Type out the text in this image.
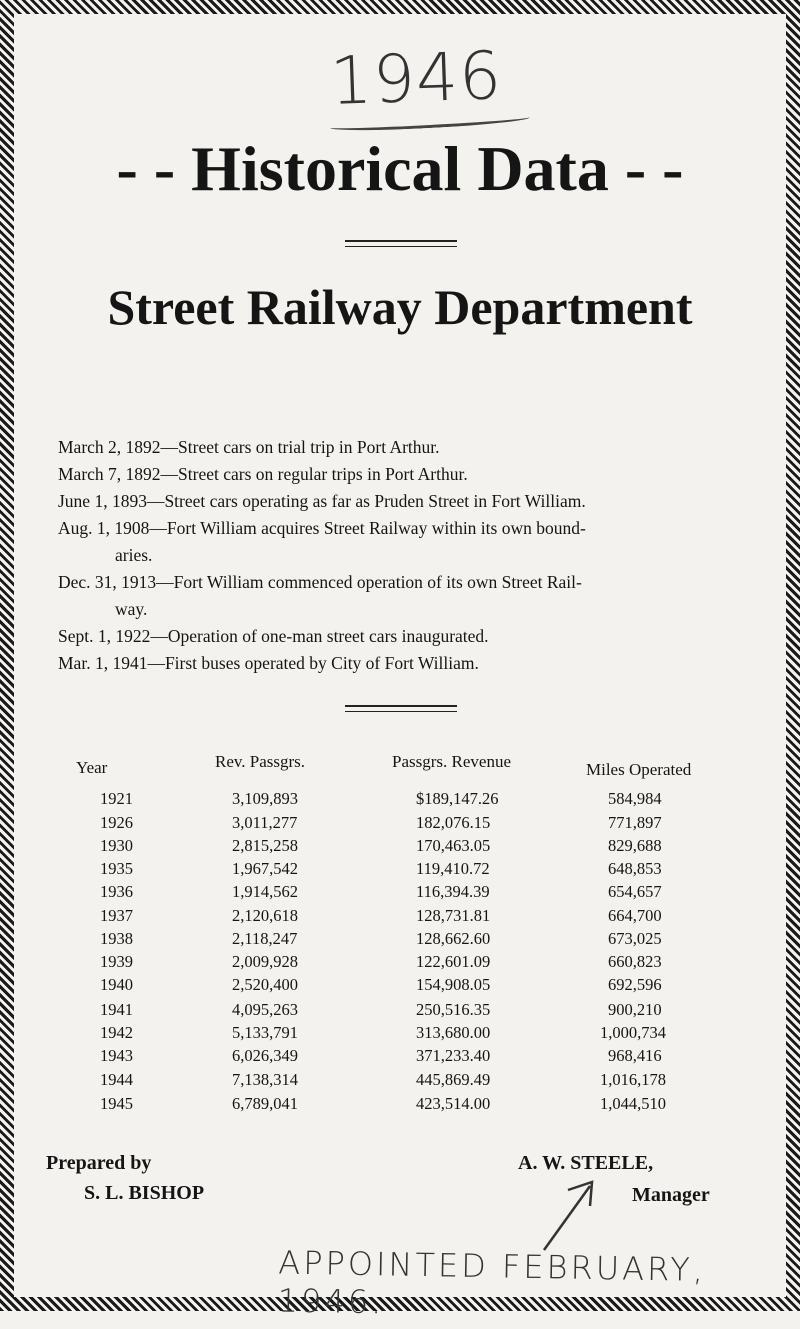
1946
- - Historical Data - -
Street Railway Department

March 2, 1892—Street cars on trial trip in Port Arthur.

March 7, 1892—Street cars on regular trips in Port Arthur.

June 1, 1893—Street cars operating as far as Pruden Street in Fort William.

Aug. 1, 1908—Fort William acquires Street Railway within its own bound-
aries.

Dec. 31, 1913—Fort William commenced operation of its own Street Rail-
way.

Sept. 1, 1922—Operation of one-man street cars inaugurated.

Mar. 1, 1941—First buses operated by City of Fort William.

Year	Rev. Passgrs.	Passgrs. Revenue	Miles Operated
1921	3,109,893	$189,147.26	584,984
1926	3,011,277	182,076.15	771,897
1930	2,815,258	170,463.05	829,688
1935	1,967,542	119,410.72	648,853
1936	1,914,562	116,394.39	654,657
1937	2,120,618	128,731.81	664,700
1938	2,118,247	128,662.60	673,025
1939	2,009,928	122,601.09	660,823
1940	2,520,400	154,908.05	692,596
1941	4,095,263	250,516.35	900,210
1942	5,133,791	313,680.00	1,000,734
1943	6,026,349	371,233.40	968,416
1944	7,138,314	445,869.49	1,016,178
1945	6,789,041	423,514.00	1,044,510
Prepared by
S. L. BISHOP
A. W. STEELE,
Manager
APPOINTED FEBRUARY, 1946.
